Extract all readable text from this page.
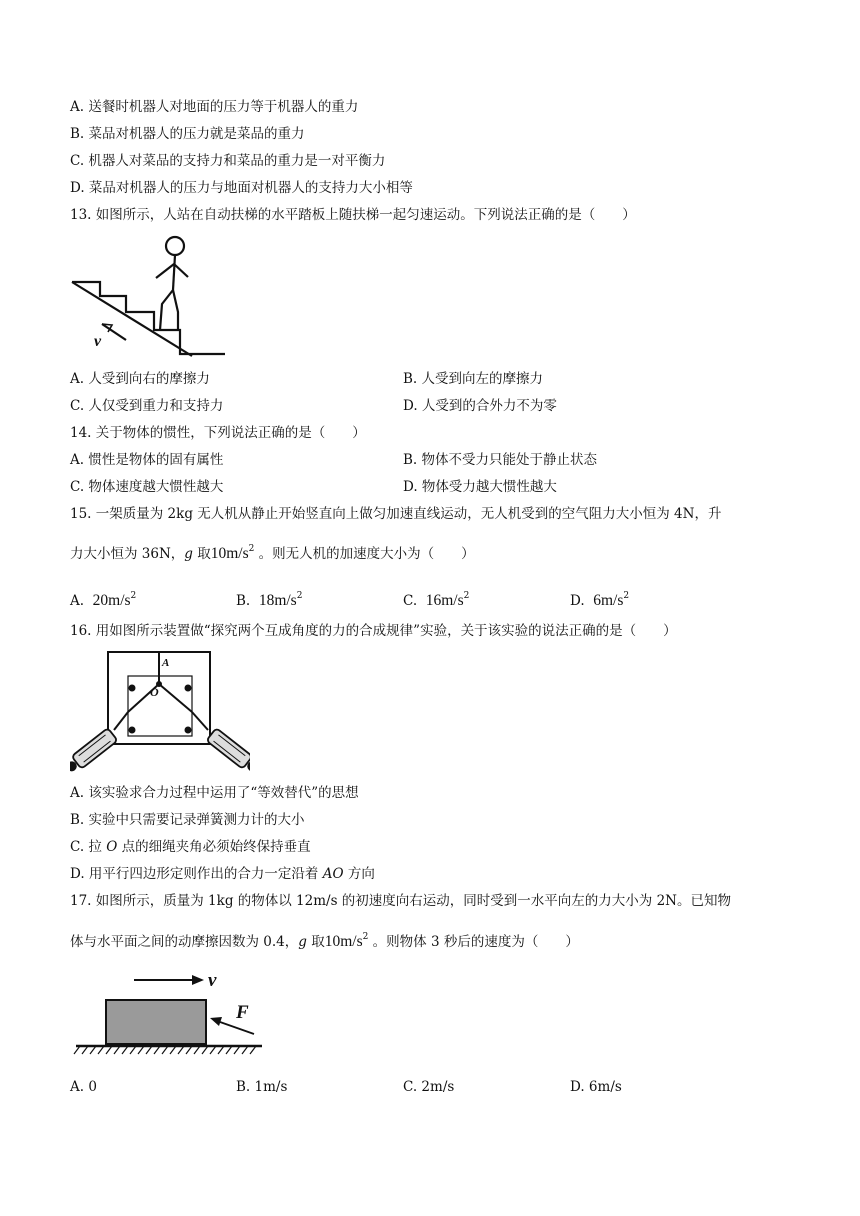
A. 送餐时机器人对地面的压力等于机器人的重力
B. 菜品对机器人的压力就是菜品的重力
C. 机器人对菜品的支持力和菜品的重力是一对平衡力
D. 菜品对机器人的压力与地面对机器人的支持力大小相等
13. 如图所示，人站在自动扶梯的水平踏板上随扶梯一起匀速运动。下列说法正确的是（　　）
v
A. 人受到向右的摩擦力	B. 人受到向左的摩擦力
C. 人仅受到重力和支持力	D. 人受到的合外力不为零
14. 关于物体的惯性，下列说法正确的是（　　）
A. 惯性是物体的固有属性	B. 物体不受力只能处于静止状态
C. 物体速度越大惯性越大	D. 物体受力越大惯性越大
15. 一架质量为 2kg 无人机从静止开始竖直向上做匀加速直线运动，无人机受到的空气阻力大小恒为 4N，升
力大小恒为 36N，g 取$10m/s^2$ 。则无人机的加速度大小为（　　）
A. $20m/s^2$	B. $18m/s^2$	C. $16m/s^2$	D. $6m/s^2$
16. 用如图所示装置做“探究两个互成角度的力的合成规律”实验，关于该实验的说法正确的是（　　）
A
O
A. 该实验求合力过程中运用了“等效替代”的思想
B. 实验中只需要记录弹簧测力计的大小
C. 拉 O 点的细绳夹角必须始终保持垂直
D. 用平行四边形定则作出的合力一定沿着 AO 方向
17. 如图所示，质量为 1kg 的物体以 12m/s 的初速度向右运动，同时受到一水平向左的力大小为 2N。已知物
体与水平面之间的动摩擦因数为 0.4，g 取$10m/s^2$ 。则物体 3 秒后的速度为（　　）
v
F
A. 0	B. 1m/s	C. 2m/s	D. 6m/s
